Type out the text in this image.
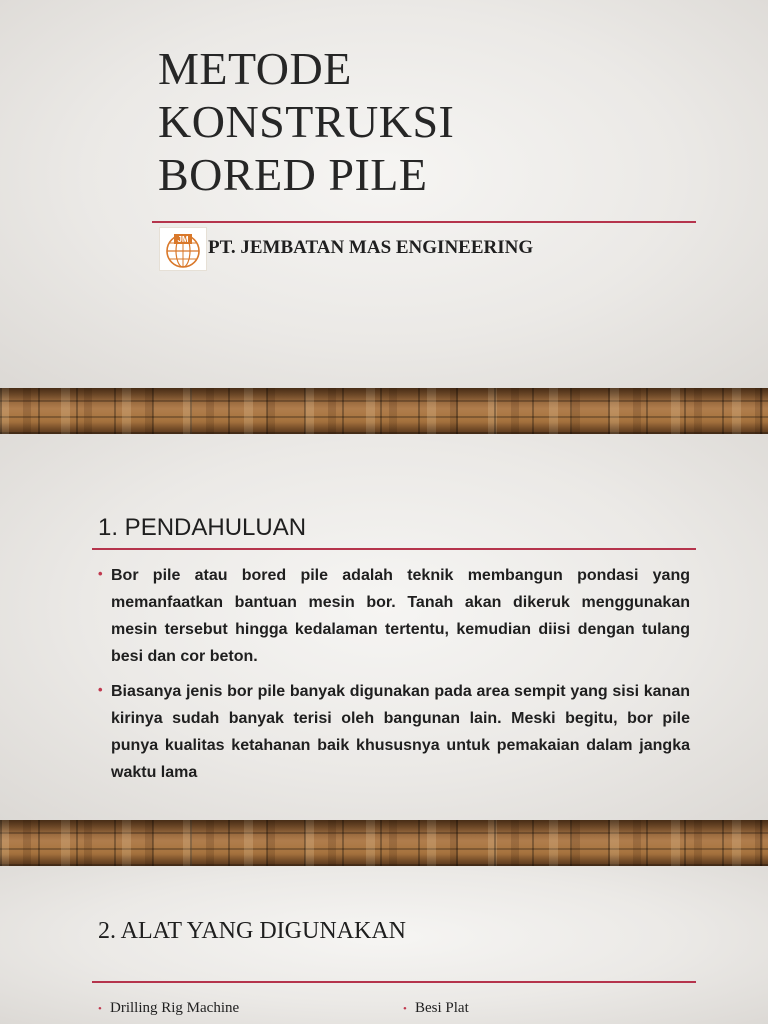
METODE
KONSTRUKSI
BORED PILE
JM PT. JEMBATAN MAS ENGINEERING
1. PENDAHULUAN
• Bor pile atau bored pile adalah teknik membangun pondasi yang memanfaatkan bantuan mesin bor. Tanah akan dikeruk menggunakan mesin tersebut hingga kedalaman tertentu, kemudian diisi dengan tulang besi dan cor beton.
• Biasanya jenis bor pile banyak digunakan pada area sempit yang sisi kanan kirinya sudah banyak terisi oleh bangunan lain. Meski begitu, bor pile punya kualitas ketahanan baik khususnya untuk pemakaian dalam jangka waktu lama
2. ALAT YANG DIGUNAKAN
• Drilling Rig Machine	• Besi Plat
